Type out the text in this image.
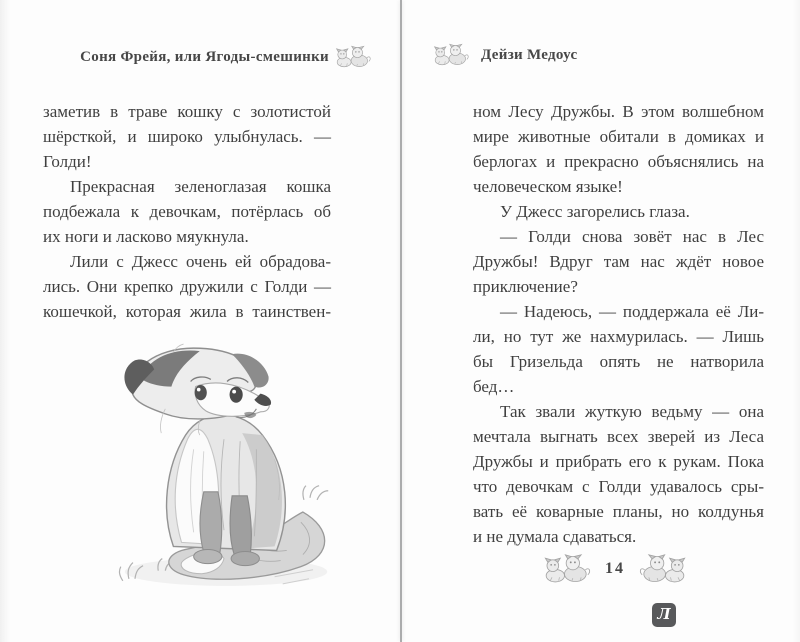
Соня Фрейя, или Ягоды-смешинки
заметив в траве кошку с золотистой
шёрсткой, и широко улыбнулась. —
Голди!
Прекрасная зеленоглазая кошка
подбежала к девочкам, потёрлась об
их ноги и ласково мяукнула.
Лили с Джесс очень ей обрадова-
лись. Они крепко дружили с Голди —
кошечкой, которая жила в таинствен-
Дейзи Медоус
ном Лесу Дружбы. В этом волшебном
мире животные обитали в домиках и
берлогах и прекрасно объяснялись на
человеческом языке!
У Джесс загорелись глаза.
— Голди снова зовёт нас в Лес
Дружбы! Вдруг там нас ждёт новое
приключение?
— Надеюсь, — поддержала её Ли-
ли, но тут же нахмурилась. — Лишь
бы Гризельда опять не натворила
бед…
Так звали жуткую ведьму — она
мечтала выгнать всех зверей из Леса
Дружбы и прибрать его к рукам. Пока
что девочкам с Голди удавалось сры-
вать её коварные планы, но колдунья
и не думала сдаваться.
14
Л
